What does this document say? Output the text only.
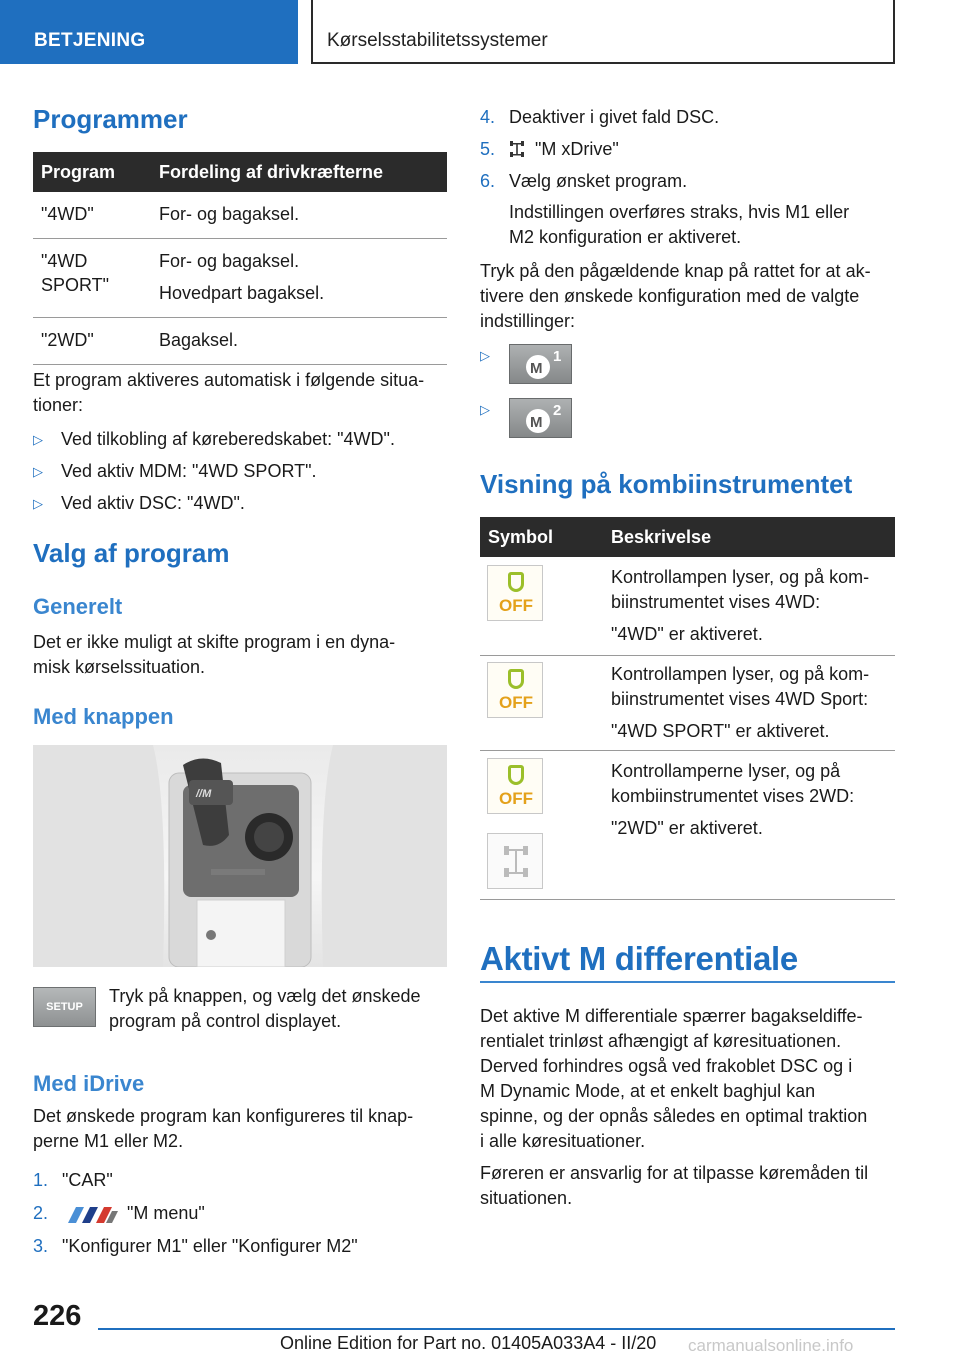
BETJENING	Kørselsstabilitetssystemer
Programmer
Program	Fordeling af drivkræfterne
"4WD"	For- og bagaksel.

"4WD SPORT"	For- og bagaksel.

Hovedpart bagaksel.

"2WD"	Bagaksel.

Et program aktiveres automatisk i følgende situa-
tioner:
▷ Ved tilkobling af kørеberedskabet: "4WD".
▷ Ved aktiv MDM: "4WD SPORT".
▷ Ved aktiv DSC: "4WD".
Valg af program
Generelt
Det er ikke muligt at skifte program i en dyna-
misk kørselssituation.
Med knappen
//M
SETUP
Tryk på knappen, og vælg det ønskede
program på control displayet.
Med iDrive
Det ønskede program kan konfigureres til knap-
perne M1 eller M2.
1. "CAR"
2.	"M menu"
3. "Konfigurer M1" eller "Konfigurer M2"
4. Deaktiver i givet fald DSC.
5. "M xDrive"
6. Vælg ønsket program.
Indstillingen overføres straks, hvis M1 eller
M2 konfiguration er aktiveret.
Tryk på den pågældende knap på rattet for at ak-
tivere den ønskede konfiguration med de valgte
indstillinger:
▷
M
1
▷
M
2
Visning på kombiinstrumentet
Symbol	Beskrivelse
OFF
Kontrollampen lyser, og på kom-
biinstrumentet vises 4WD:
"4WD" er aktiveret.
OFF
Kontrollampen lyser, og på kom-
biinstrumentet vises 4WD Sport:
"4WD SPORT" er aktiveret.
OFF
Kontrollamperne lyser, og på
kombiinstrumentet vises 2WD:
"2WD" er aktiveret.
Aktivt M differentiale
Det aktive M differentiale spærrer bagakseldiffe-
rentialet trinløst afhængigt af køresituationen.
Derved forhindres også ved frakoblet DSC og i
M Dynamic Mode, at et enkelt baghjul kan
spinne, og der opnås således en optimal traktion
i alle køresituationer.
Føreren er ansvarlig for at tilpasse køremåden til
situationen.
226
Online Edition for Part no. 01405A033A4 - II/20	carmanualsonline.info
